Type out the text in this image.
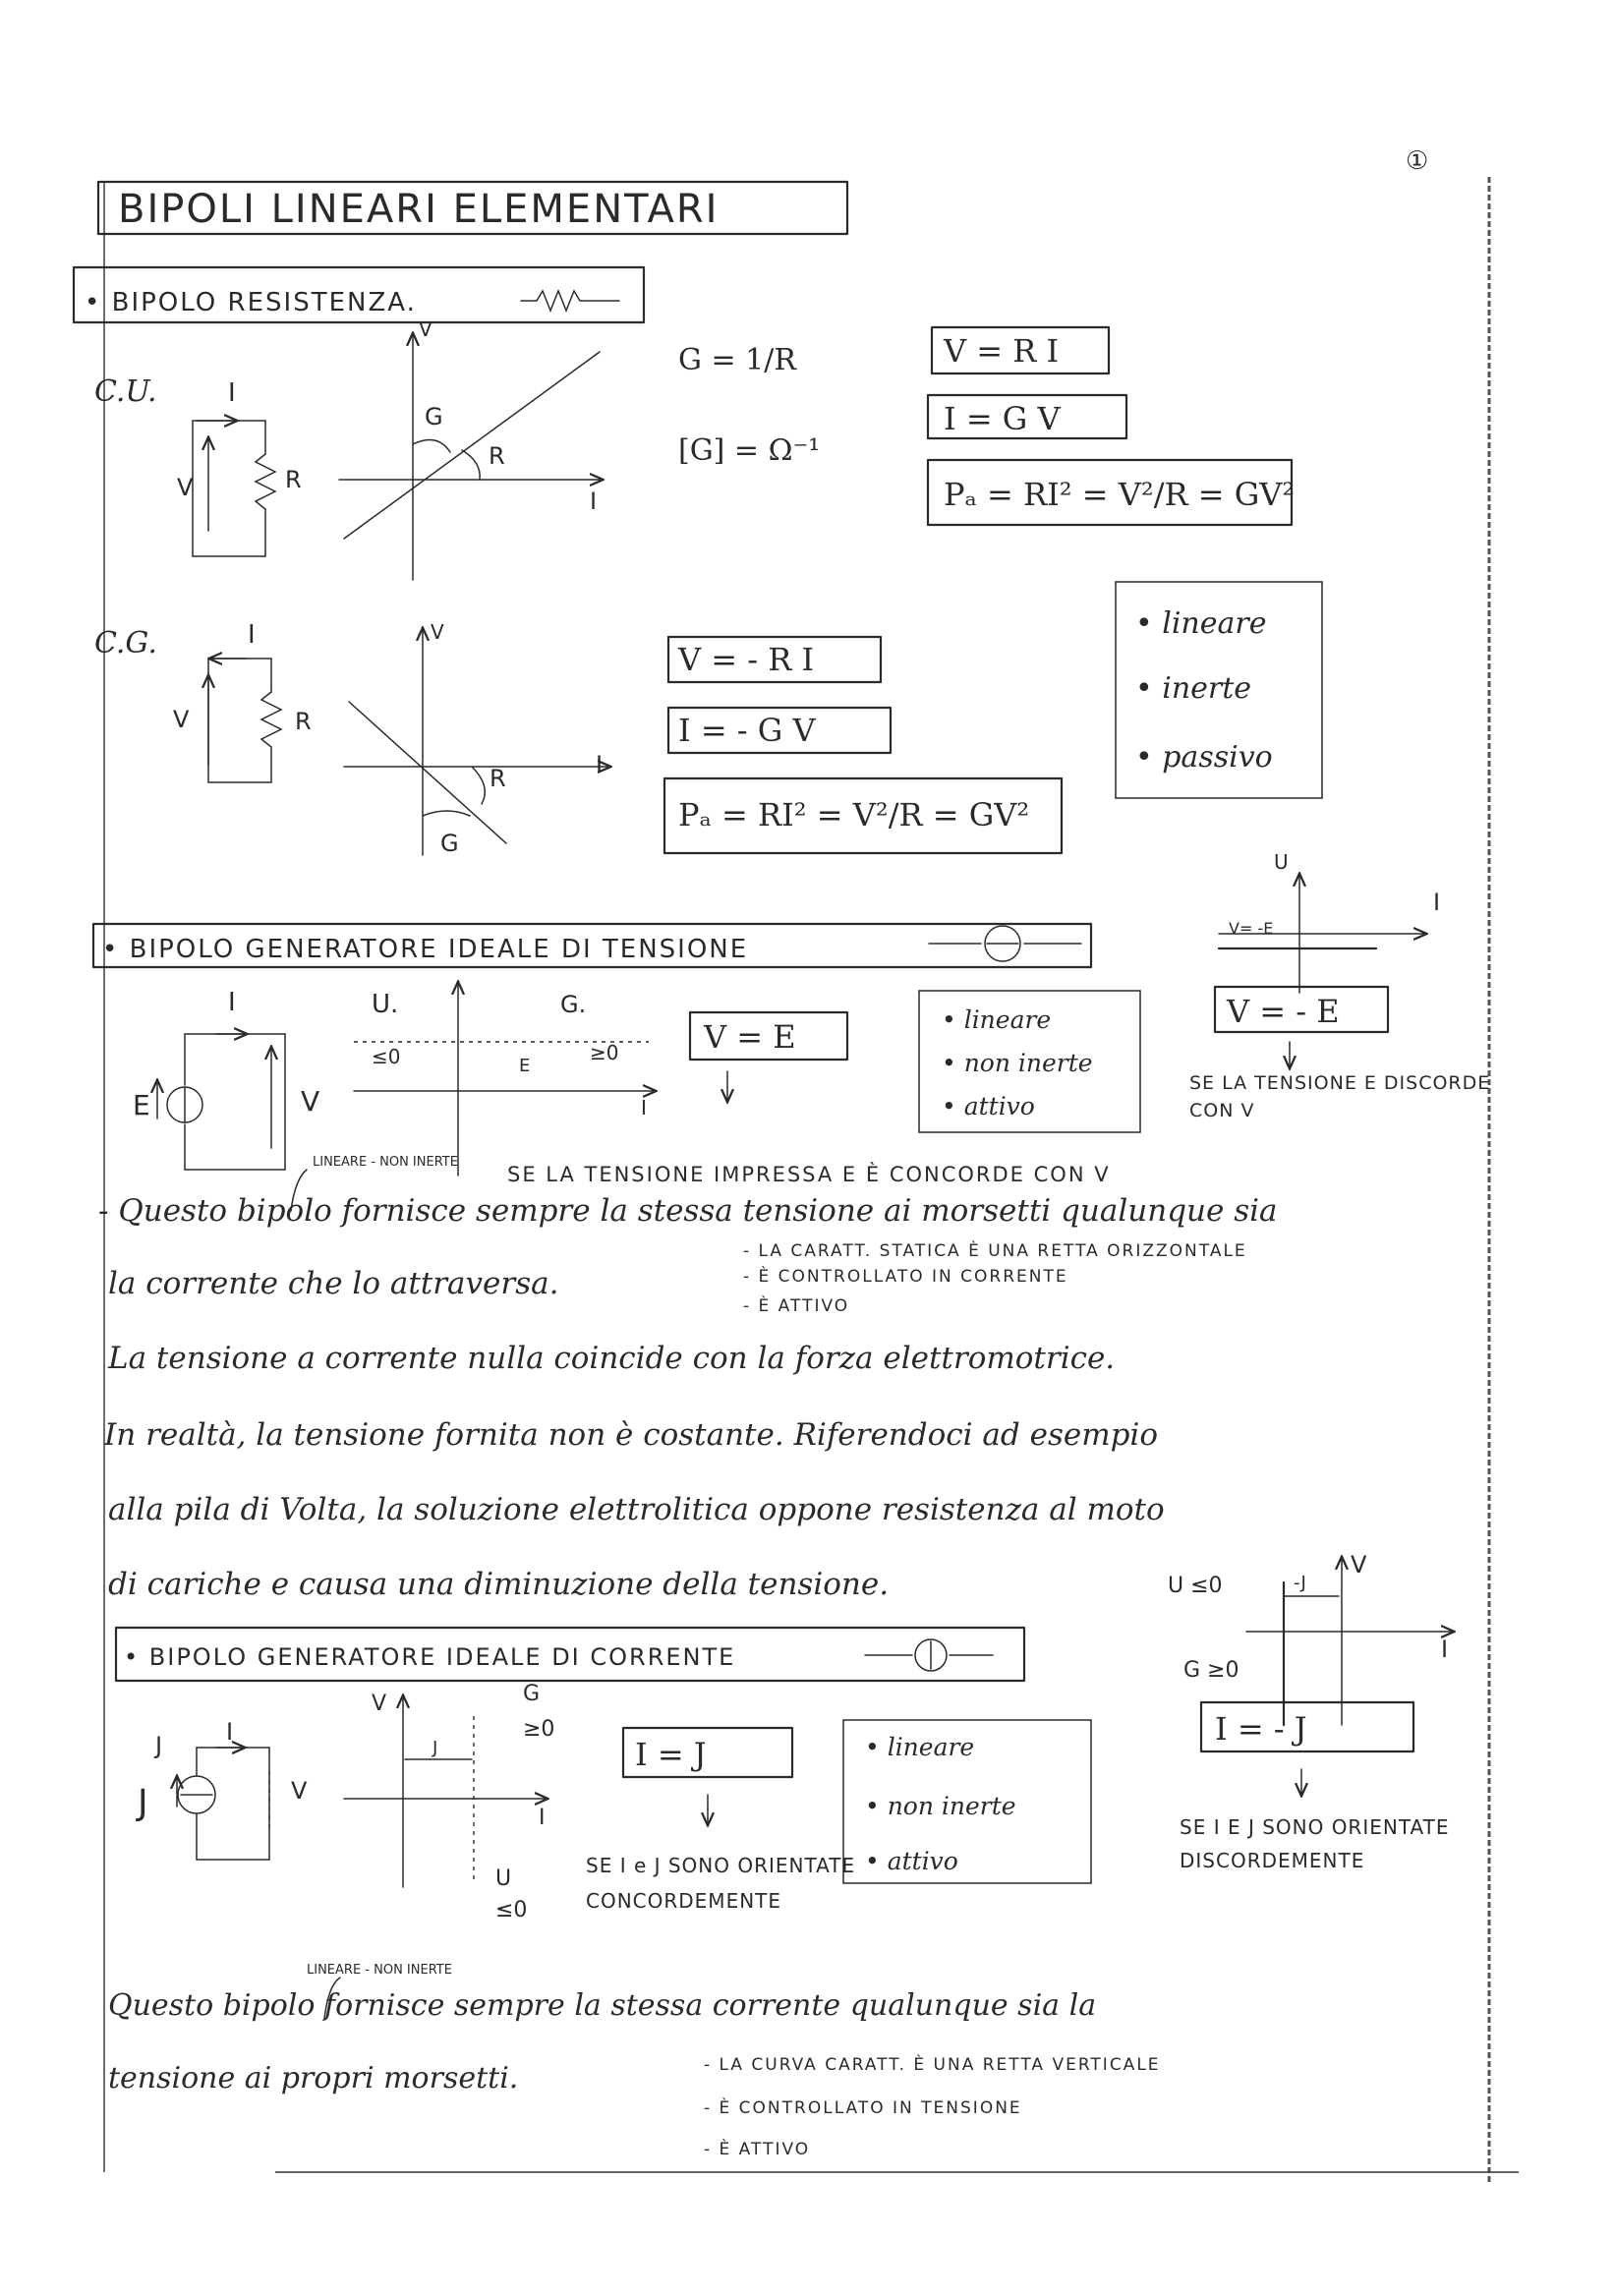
①
BIPOLI LINEARI ELEMENTARI
• BIPOLO RESISTENZA.
C.U.	I
V	R
V
I
G
R
G = 1/R
[G] = Ω⁻¹
V = R I
I = G V
Pₐ = RI² = V²/R = GV²
C.G.	I
V	R
V
I
R
G
V = - R I
I = - G V
Pₐ = RI² = V²/R = GV²
• lineare
• inerte
• passivo
• BIPOLO GENERATORE IDEALE DI TENSIONE
U
I
V= -E
V = - E
SE LA TENSIONE E DISCORDE CON V
I
E	V
U.
I
G.
≤0	≥0
E
V = E	• lineare
• non inerte
• attivo
LINEARE - NON INERTE
SE LA TENSIONE IMPRESSA E È CONCORDE CON V
- Questo bipolo fornisce sempre la stessa tensione ai morsetti qualunque sia
la corrente che lo attraversa.
- LA CARATT. STATICA È UNA RETTA ORIZZONTALE
- È CONTROLLATO IN CORRENTE
- È ATTIVO
La tensione a corrente nulla coincide con la forza elettromotrice.
In realtà, la tensione fornita non è costante. Riferendoci ad esempio
alla pila di Volta, la soluzione elettrolitica oppone resistenza al moto
di cariche e causa una diminuzione della tensione.	U ≤0
G ≥0
V
I
-J
I = - J
SE I E J SONO ORIENTATE DISCORDEMENTE
• BIPOLO GENERATORE IDEALE DI CORRENTE
I
J
J	V
V
I
J
G
≥0
U
≤0
I = J
SE I e J SONO ORIENTATE CONCORDEMENTE
• lineare
• non inerte
• attivo
LINEARE - NON INERTE
Questo bipolo fornisce sempre la stessa corrente qualunque sia la
tensione ai propri morsetti.	- LA CURVA CARATT. È UNA RETTA VERTICALE
- È CONTROLLATO IN TENSIONE
- È ATTIVO
